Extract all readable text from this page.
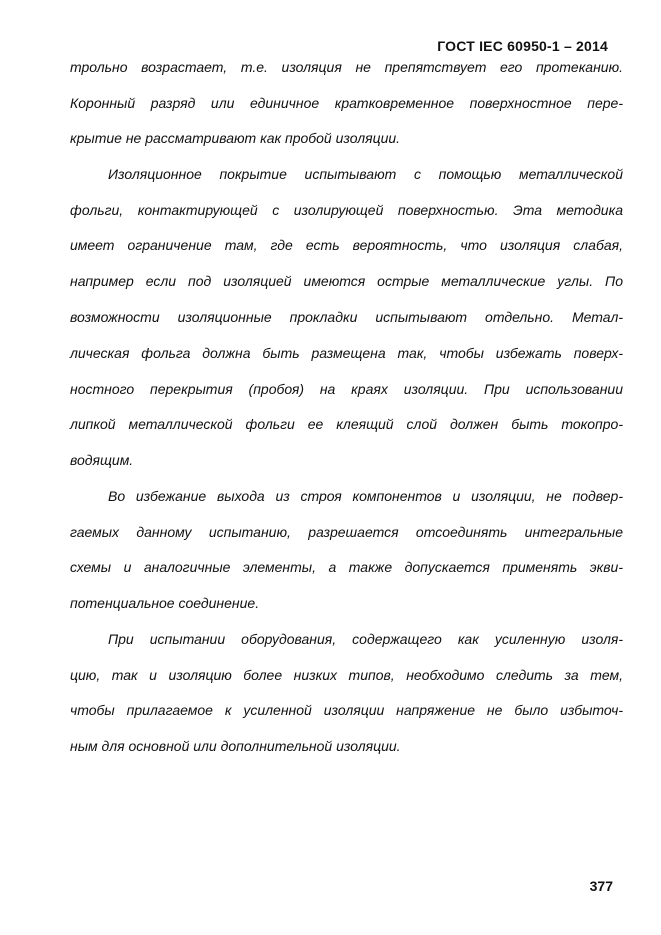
ГОСТ IEC 60950-1 – 2014
трольно возрастает, т.е. изоляция не препятствует его протеканию.
Коронный разряд или единичное кратковременное поверхностное пере-
крытие не рассматривают как пробой изоляции.
Изоляционное покрытие испытывают с помощью металлической
фольги, контактирующей с изолирующей поверхностью. Эта методика
имеет ограничение там, где есть вероятность, что изоляция слабая,
например если под изоляцией имеются острые металлические углы. По
возможности изоляционные прокладки испытывают отдельно. Метал-
лическая фольга должна быть размещена так, чтобы избежать поверх-
ностного перекрытия (пробоя) на краях изоляции. При использовании
липкой металлической фольги ее клеящий слой должен быть токопро-
водящим.
Во избежание выхода из строя компонентов и изоляции, не подвер-
гаемых данному испытанию, разрешается отсоединять интегральные
схемы и аналогичные элементы, а также допускается применять экви-
потенциальное соединение.
При испытании оборудования, содержащего как усиленную изоля-
цию, так и изоляцию более низких типов, необходимо следить за тем,
чтобы прилагаемое к усиленной изоляции напряжение не было избыточ-
ным для основной или дополнительной изоляции.
377
